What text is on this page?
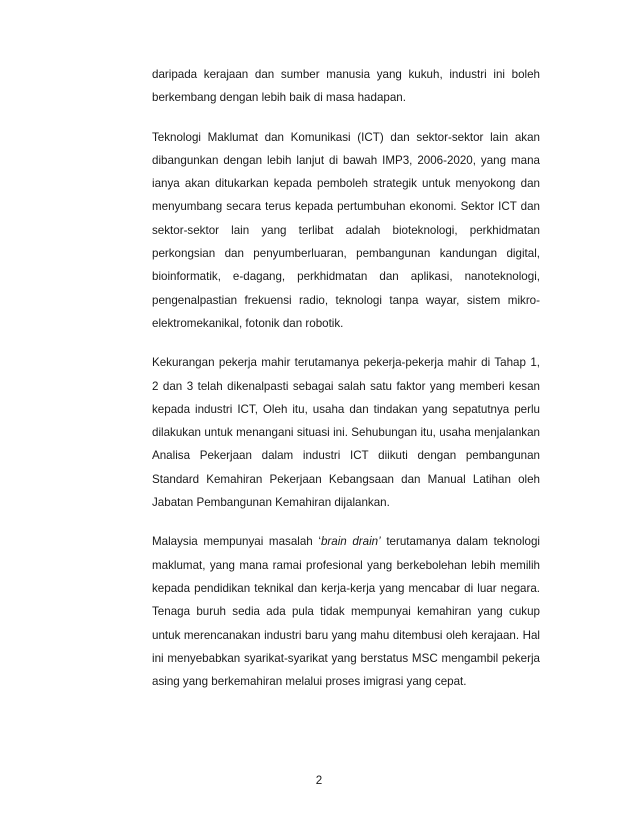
daripada kerajaan dan sumber manusia yang kukuh, industri ini boleh berkembang dengan lebih baik di masa hadapan.

Teknologi Maklumat dan Komunikasi (ICT) dan sektor-sektor lain akan dibangunkan dengan lebih lanjut di bawah IMP3, 2006-2020, yang mana ianya akan ditukarkan kepada pemboleh strategik untuk menyokong dan menyumbang secara terus kepada pertumbuhan ekonomi. Sektor ICT dan sektor-sektor lain yang terlibat adalah bioteknologi, perkhidmatan perkongsian dan penyumberluaran, pembangunan kandungan digital, bioinformatik, e-dagang, perkhidmatan dan aplikasi, nanoteknologi, pengenalpastian frekuensi radio, teknologi tanpa wayar, sistem mikro-elektromekanikal, fotonik dan robotik.

Kekurangan pekerja mahir terutamanya pekerja-pekerja mahir di Tahap 1, 2 dan 3 telah dikenalpasti sebagai salah satu faktor yang memberi kesan kepada industri ICT, Oleh itu, usaha dan tindakan yang sepatutnya perlu dilakukan untuk menangani situasi ini. Sehubungan itu, usaha menjalankan Analisa Pekerjaan dalam industri ICT diikuti dengan pembangunan Standard Kemahiran Pekerjaan Kebangsaan dan Manual Latihan oleh Jabatan Pembangunan Kemahiran dijalankan.

Malaysia mempunyai masalah ‘brain drain’ terutamanya dalam teknologi maklumat, yang mana ramai profesional yang berkebolehan lebih memilih kepada pendidikan teknikal dan kerja-kerja yang mencabar di luar negara. Tenaga buruh sedia ada pula tidak mempunyai kemahiran yang cukup untuk merencanakan industri baru yang mahu ditembusi oleh kerajaan. Hal ini menyebabkan syarikat-syarikat yang berstatus MSC mengambil pekerja asing yang berkemahiran melalui proses imigrasi yang cepat.

2
